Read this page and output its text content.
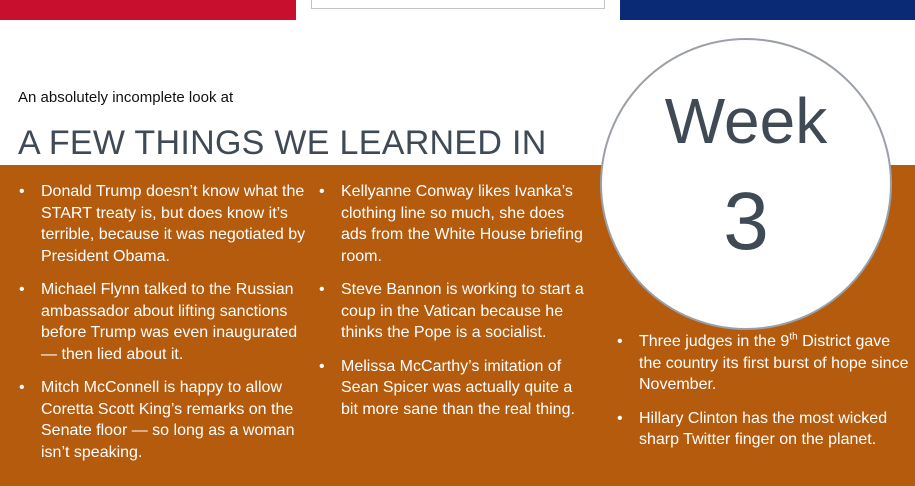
An absolutely incomplete look at
A FEW THINGS WE LEARNED IN
• Donald Trump doesn’t know what the START treaty is, but does know it’s terrible, because it was negotiated by President Obama.
• Michael Flynn talked to the Russian ambassador about lifting sanctions before Trump was even inaugurated — then lied about it.
• Mitch McConnell is happy to allow Coretta Scott King’s remarks on the Senate floor — so long as a woman isn’t speaking.
• Kellyanne Conway likes Ivanka’s clothing line so much, she does ads from the White House briefing room.
• Steve Bannon is working to start a coup in the Vatican because he thinks the Pope is a socialist.
• Melissa McCarthy’s imitation of Sean Spicer was actually quite a bit more sane than the real thing.
• Three judges in the 9th District gave the country its first burst of hope since November.
• Hillary Clinton has the most wicked sharp Twitter finger on the planet.
Week
3
